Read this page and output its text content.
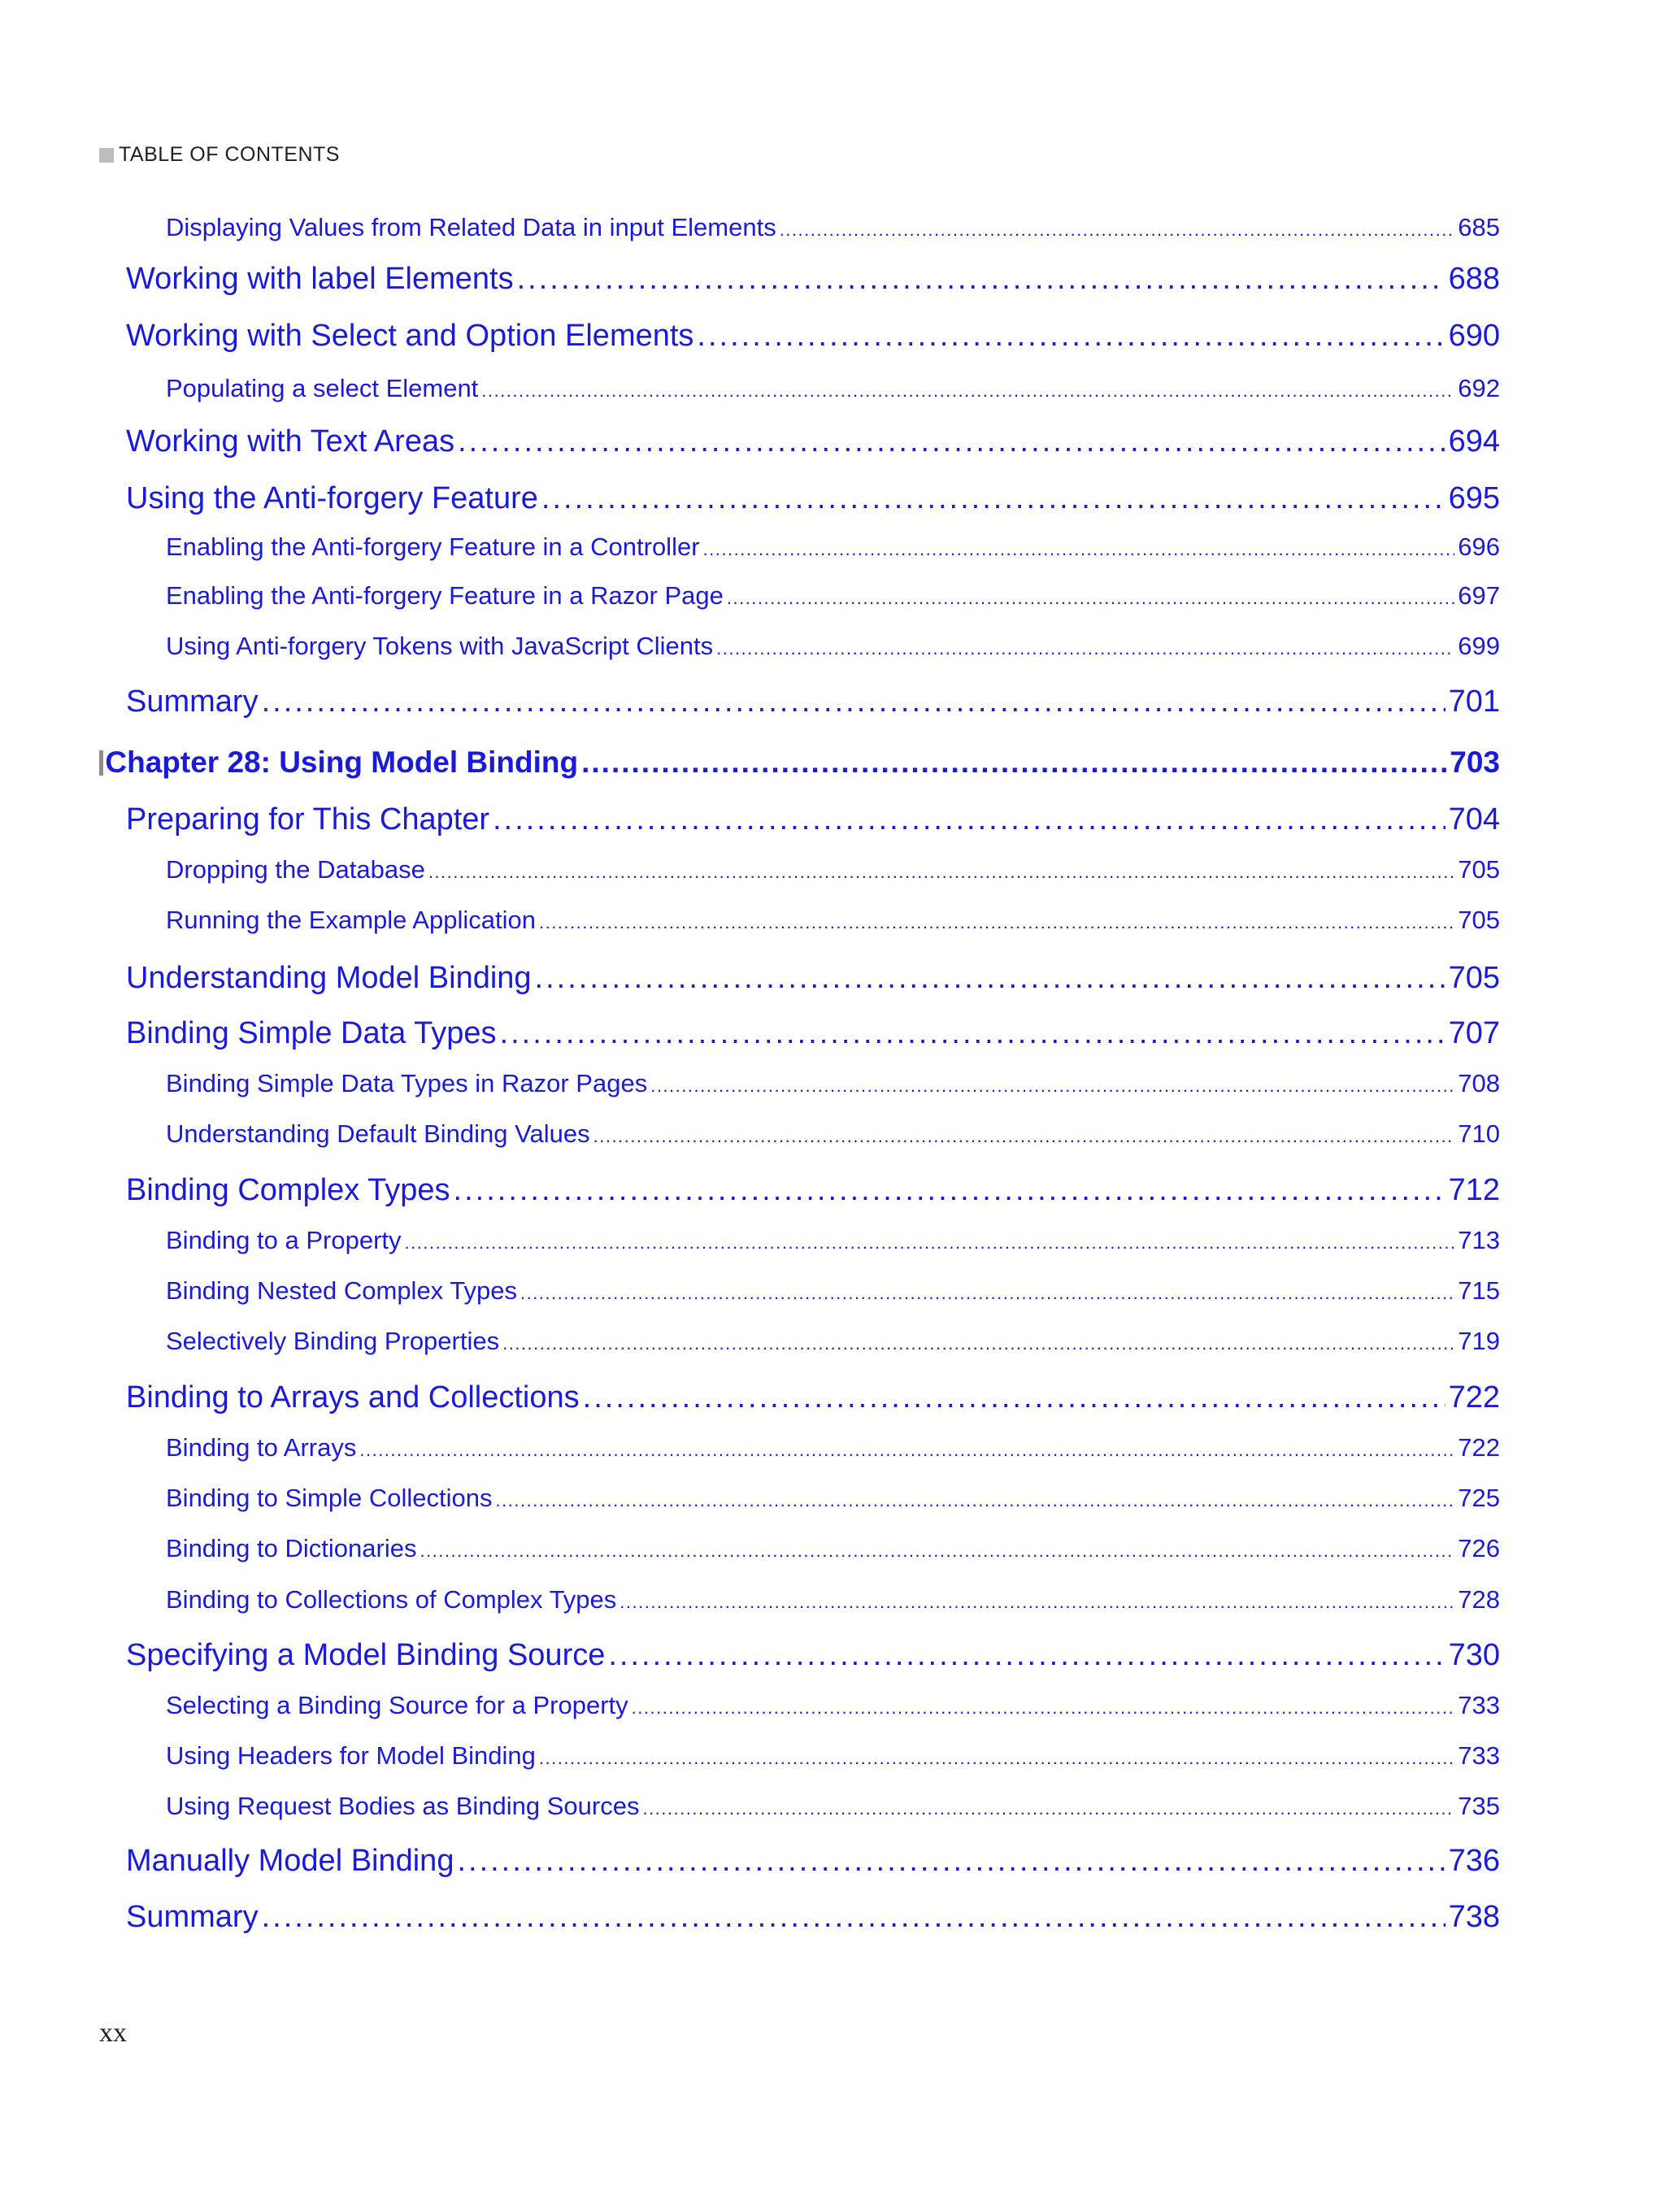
TABLE OF CONTENTS
Displaying Values from Related Data in input Elements .....	685
Working with label Elements .....	688
Working with Select and Option Elements .....	690
Populating a select Element .....	692
Working with Text Areas .....	694
Using the Anti-forgery Feature .....	695
Enabling the Anti-forgery Feature in a Controller .....	696
Enabling the Anti-forgery Feature in a Razor Page .....	697
Using Anti-forgery Tokens with JavaScript Clients .....	699
Summary .....	701
Chapter 28: Using Model Binding .....	703
Preparing for This Chapter .....	704
Dropping the Database .....	705
Running the Example Application .....	705
Understanding Model Binding .....	705
Binding Simple Data Types .....	707
Binding Simple Data Types in Razor Pages .....	708
Understanding Default Binding Values .....	710
Binding Complex Types .....	712
Binding to a Property .....	713
Binding Nested Complex Types .....	715
Selectively Binding Properties .....	719
Binding to Arrays and Collections .....	722
Binding to Arrays .....	722
Binding to Simple Collections .....	725
Binding to Dictionaries .....	726
Binding to Collections of Complex Types .....	728
Specifying a Model Binding Source .....	730
Selecting a Binding Source for a Property .....	733
Using Headers for Model Binding .....	733
Using Request Bodies as Binding Sources .....	735
Manually Model Binding .....	736
Summary .....	738
xx
